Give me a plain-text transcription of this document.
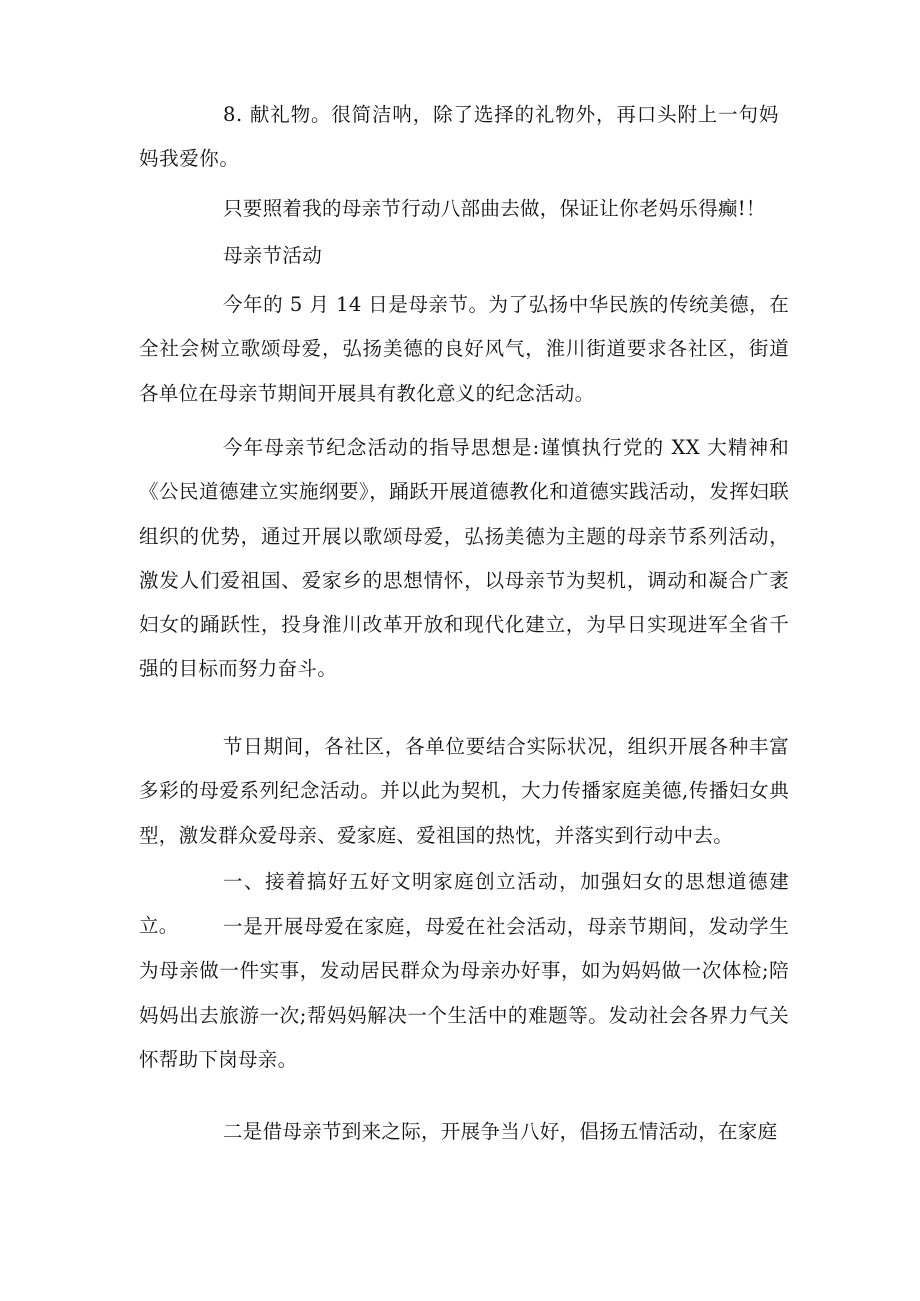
8. 献礼物。很简洁呐，除了选择的礼物外，再口头附上一句妈妈我爱你。

只要照着我的母亲节行动八部曲去做，保证让你老妈乐得癫!！

母亲节活动

今年的 5 月 14 日是母亲节。为了弘扬中华民族的传统美德，在全社会树立歌颂母爱，弘扬美德的良好风气，淮川街道要求各社区，街道各单位在母亲节期间开展具有教化意义的纪念活动。

今年母亲节纪念活动的指导思想是:谨慎执行党的 XX 大精神和《公民道德建立实施纲要》，踊跃开展道德教化和道德实践活动，发挥妇联组织的优势，通过开展以歌颂母爱，弘扬美德为主题的母亲节系列活动，激发人们爱祖国、爱家乡的思想情怀，以母亲节为契机，调动和凝合广袤妇女的踊跃性，投身淮川改革开放和现代化建立，为早日实现进军全省千强的目标而努力奋斗。

节日期间，各社区，各单位要结合实际状况，组织开展各种丰富多彩的母爱系列纪念活动。并以此为契机，大力传播家庭美德,传播妇女典型，激发群众爱母亲、爱家庭、爱祖国的热忱，并落实到行动中去。

一、接着搞好五好文明家庭创立活动，加强妇女的思想道德建立。	一是开展母爱在家庭，母爱在社会活动，母亲节期间，发动学生为母亲做一件实事，发动居民群众为母亲办好事，如为妈妈做一次体检;陪妈妈出去旅游一次;帮妈妈解决一个生活中的难题等。发动社会各界力气关怀帮助下岗母亲。

二是借母亲节到来之际，开展争当八好，倡扬五情活动，在家庭
